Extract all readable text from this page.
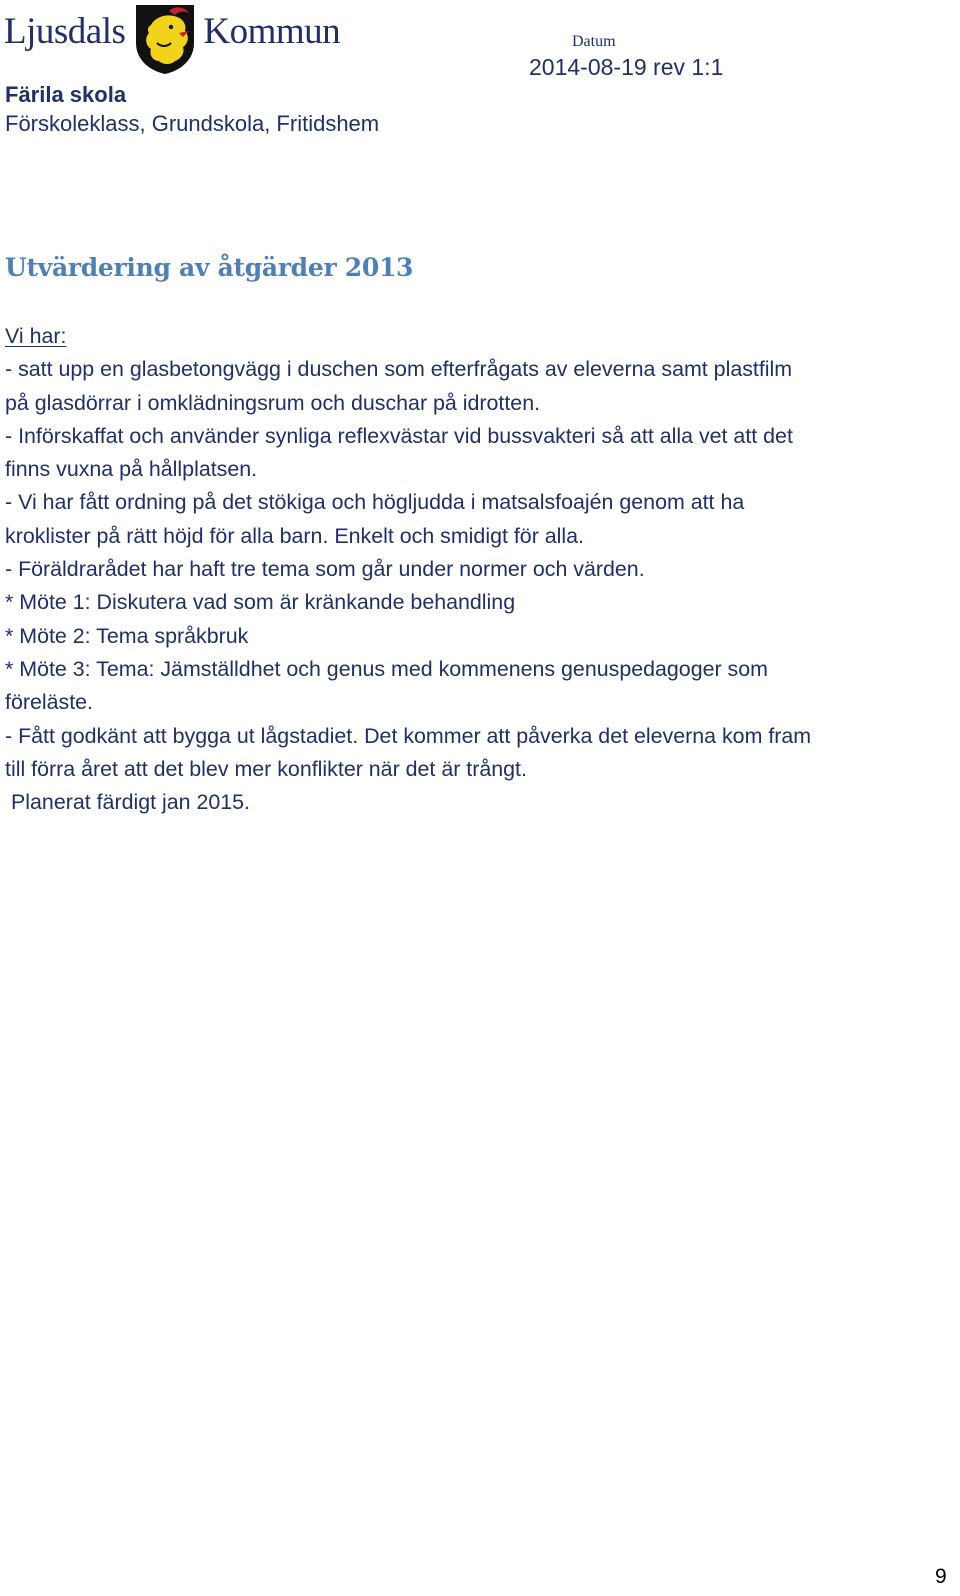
Ljusdals Kommun	Datum
2014-08-19 rev 1:1
Färila skola
Förskoleklass, Grundskola, Fritidshem
Utvärdering av åtgärder 2013
Vi har:
- satt upp en glasbetongvägg i duschen som efterfrågats av eleverna samt plastfilm
på glasdörrar i omklädningsrum och duschar på idrotten.
- Införskaffat och använder synliga reflexvästar vid bussvakteri så att alla vet att det
finns vuxna på hållplatsen.
- Vi har fått ordning på det stökiga och högljudda i matsalsfoajén genom att ha
kroklister på rätt höjd för alla barn. Enkelt och smidigt för alla.
- Föräldrarådet har haft tre tema som går under normer och värden.
* Möte 1: Diskutera vad som är kränkande behandling
* Möte 2: Tema språkbruk
* Möte 3: Tema: Jämställdhet och genus med kommenens genuspedagoger som
föreläste.
- Fått godkänt att bygga ut lågstadiet. Det kommer att påverka det eleverna kom fram
till förra året att det blev mer konflikter när det är trångt.
Planerat färdigt jan 2015.
9
